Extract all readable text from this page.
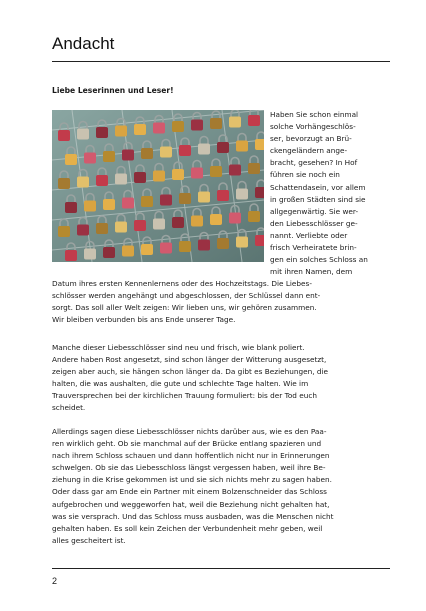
Andacht
Liebe Leserinnen und Leser!
Haben Sie schon einmal
solche Vorhängeschlös-
ser, bevorzugt an Brü-
ckengeländern ange-
bracht, gesehen? In Hof
führen sie noch ein
Schattendasein, vor allem
in großen Städten sind sie
allgegenwärtig. Sie wer-
den Liebesschlösser ge-
nannt. Verliebte oder
frisch Verheiratete brin-
gen ein solches Schloss an
mit ihren Namen, dem
Datum ihres ersten Kennenlernens oder des Hochzeitstags. Die Liebes-
schlösser werden angehängt und abgeschlossen, der Schlüssel dann ent-
sorgt. Das soll aller Welt zeigen: Wir lieben uns, wir gehören zusammen.
Wir bleiben verbunden bis ans Ende unserer Tage.
Manche dieser Liebesschlösser sind neu und frisch, wie blank poliert.
Andere haben Rost angesetzt, sind schon länger der Witterung ausgesetzt,
zeigen aber auch, sie hängen schon länger da. Da gibt es Beziehungen, die
halten, die was aushalten, die gute und schlechte Tage halten. Wie im
Trauversprechen bei der kirchlichen Trauung formuliert: bis der Tod euch
scheidet.
Allerdings sagen diese Liebesschlösser nichts darüber aus, wie es den Paa-
ren wirklich geht. Ob sie manchmal auf der Brücke entlang spazieren und
nach ihrem Schloss schauen und dann hoffentlich nicht nur in Erinnerungen
schwelgen. Ob sie das Liebesschloss längst vergessen haben, weil ihre Be-
ziehung in die Krise gekommen ist und sie sich nichts mehr zu sagen haben.
Oder dass gar am Ende ein Partner mit einem Bolzenschneider das Schloss
aufgebrochen und weggeworfen hat, weil die Beziehung nicht gehalten hat,
was sie versprach. Und das Schloss muss ausbaden, was die Menschen nicht
gehalten haben. Es soll kein Zeichen der Verbundenheit mehr geben, weil
alles gescheitert ist.
2
